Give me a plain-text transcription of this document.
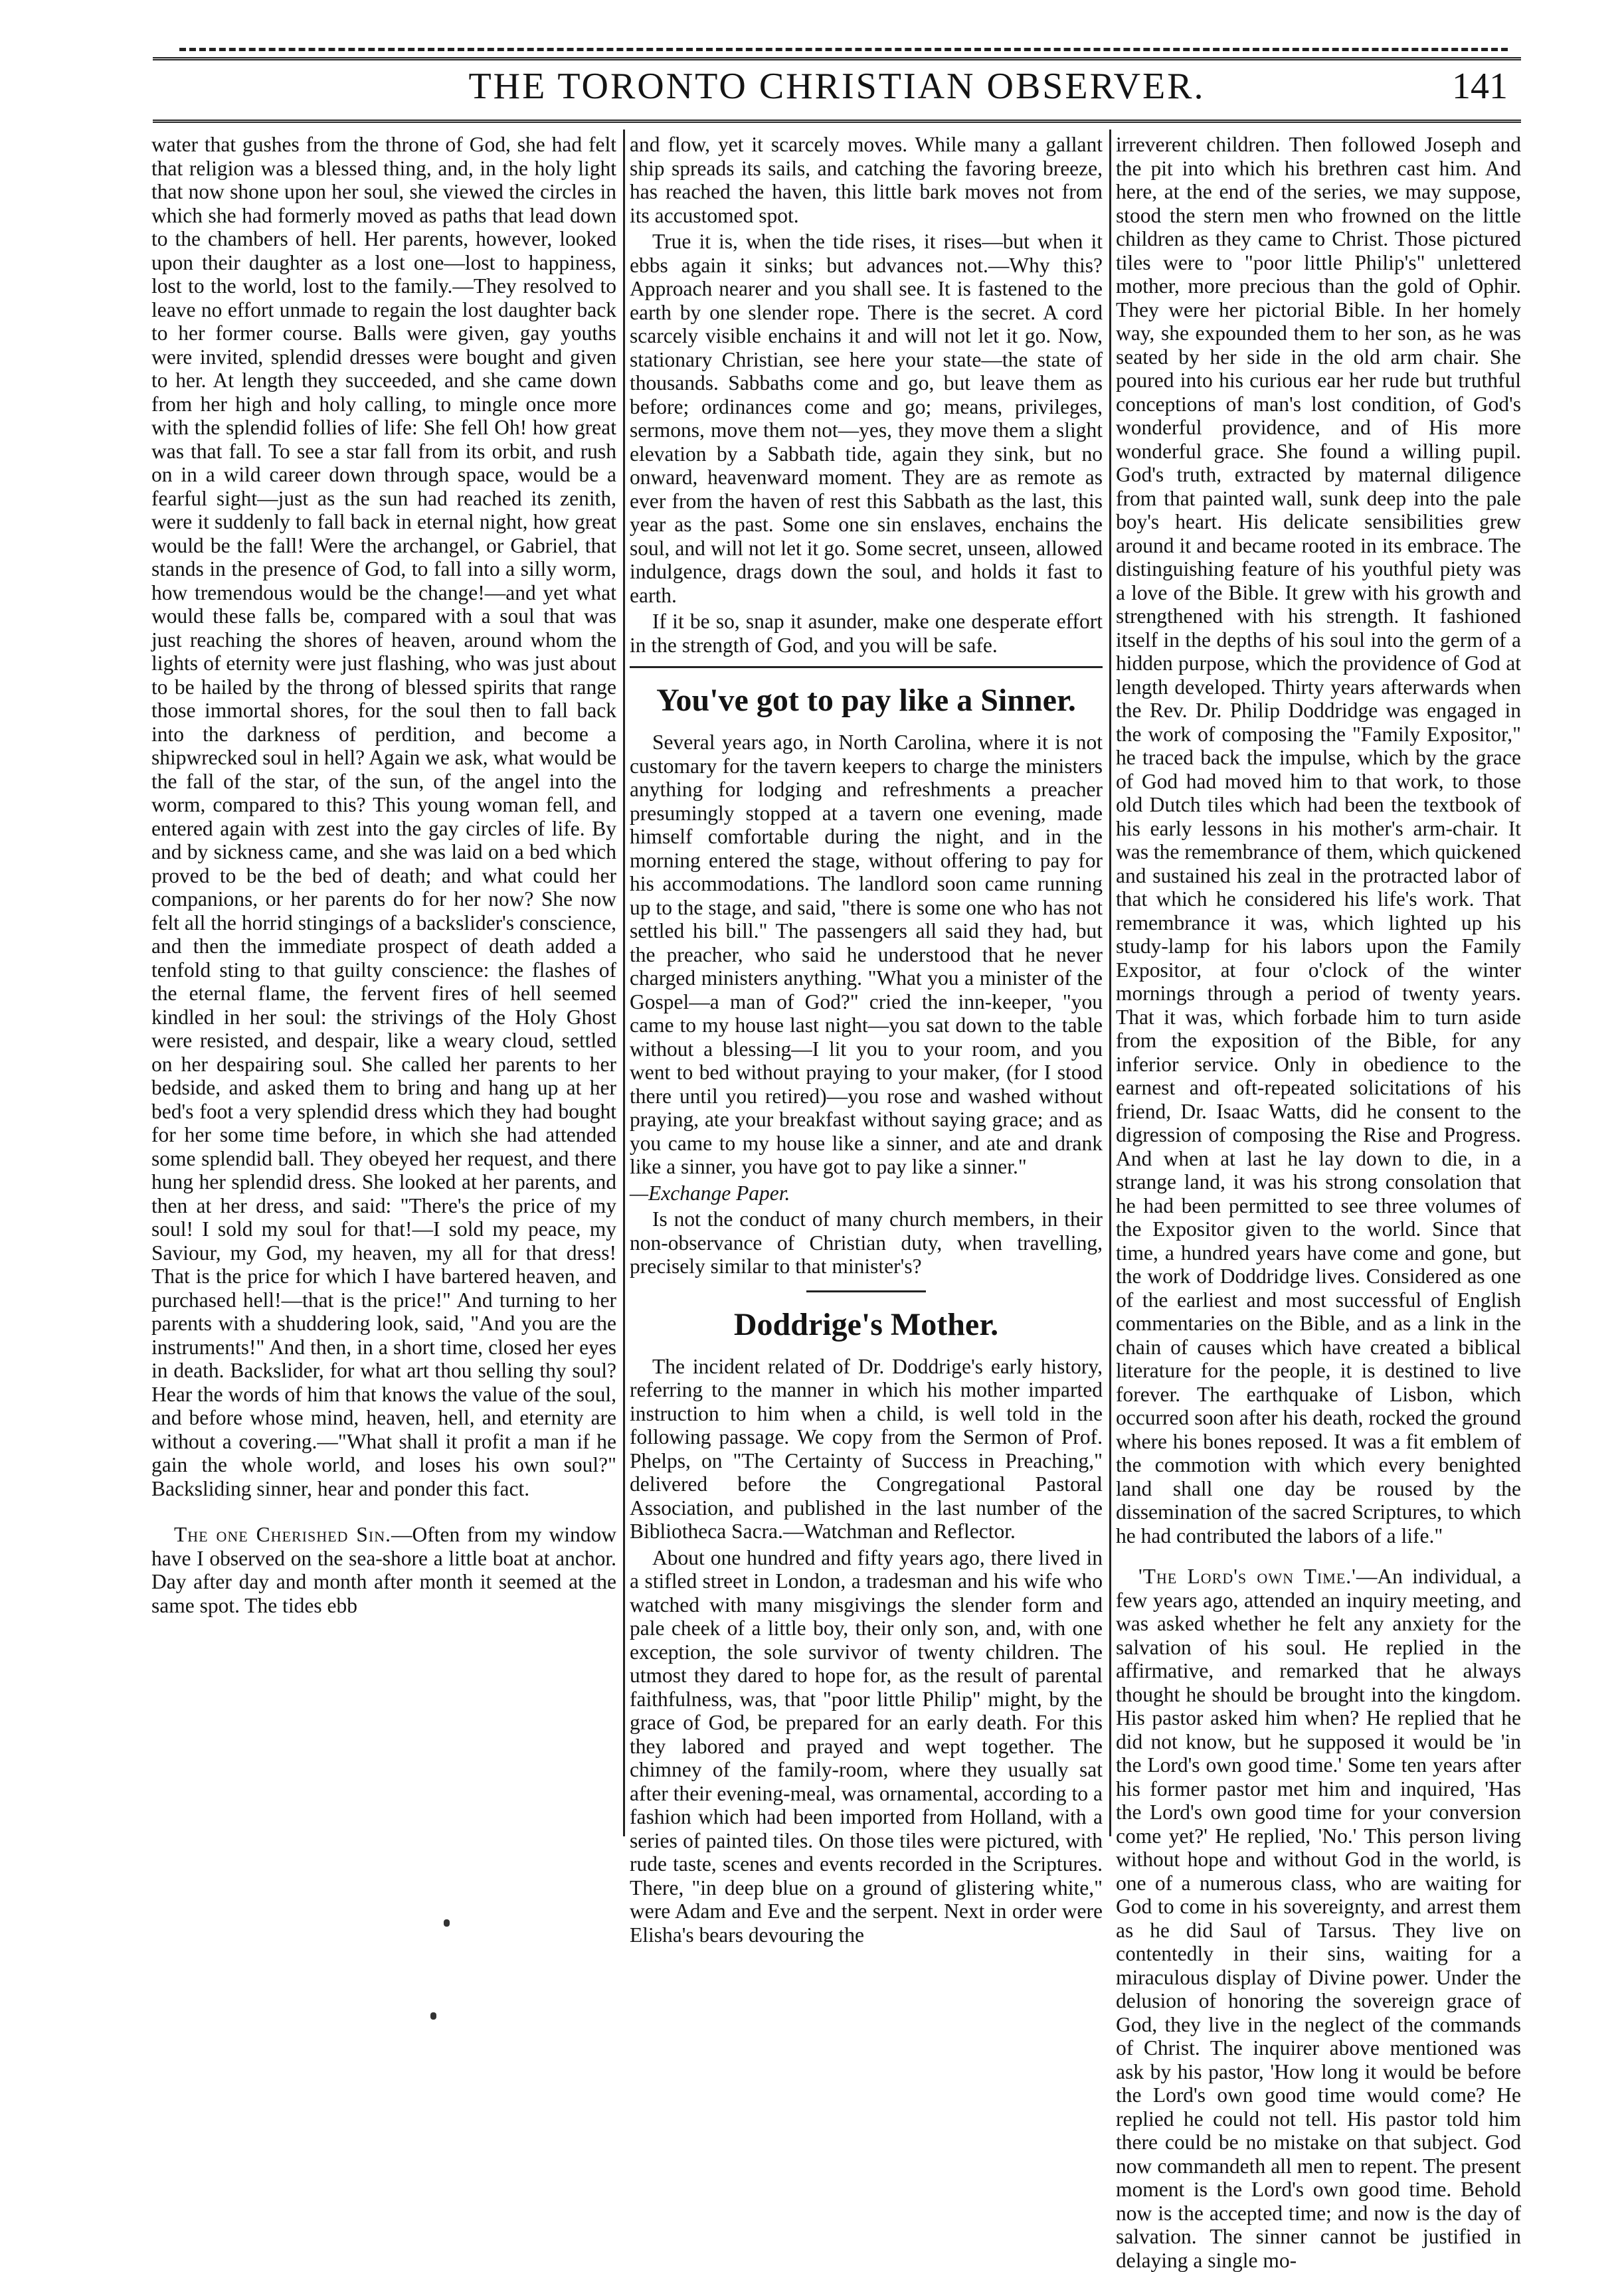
THE TORONTO CHRISTIAN OBSERVER.	141

water that gushes from the throne of God, she had felt that religion was a blessed thing, and, in the holy light that now shone upon her soul, she viewed the circles in which she had formerly moved as paths that lead down to the chambers of hell. Her parents, however, looked upon their daughter as a lost one—lost to happiness, lost to the world, lost to the family.—They resolved to leave no effort unmade to regain the lost daughter back to her former course. Balls were given, gay youths were invited, splendid dresses were bought and given to her. At length they succeeded, and she came down from her high and holy calling, to mingle once more with the splendid follies of life: She fell Oh! how great was that fall. To see a star fall from its orbit, and rush on in a wild career down through space, would be a fearful sight—just as the sun had reached its zenith, were it suddenly to fall back in eternal night, how great would be the fall! Were the archangel, or Gabriel, that stands in the presence of God, to fall into a silly worm, how tremendous would be the change!—and yet what would these falls be, compared with a soul that was just reaching the shores of heaven, around whom the lights of eternity were just flashing, who was just about to be hailed by the throng of blessed spirits that range those immortal shores, for the soul then to fall back into the darkness of perdition, and become a shipwrecked soul in hell? Again we ask, what would be the fall of the star, of the sun, of the angel into the worm, compared to this? This young woman fell, and entered again with zest into the gay circles of life. By and by sickness came, and she was laid on a bed which proved to be the bed of death; and what could her companions, or her parents do for her now? She now felt all the horrid stingings of a backslider's conscience, and then the immediate prospect of death added a tenfold sting to that guilty conscience: the flashes of the eternal flame, the fervent fires of hell seemed kindled in her soul: the strivings of the Holy Ghost were resisted, and despair, like a weary cloud, settled on her despairing soul. She called her parents to her bedside, and asked them to bring and hang up at her bed's foot a very splendid dress which they had bought for her some time before, in which she had attended some splendid ball. They obeyed her request, and there hung her splendid dress. She looked at her parents, and then at her dress, and said: "There's the price of my soul! I sold my soul for that!—I sold my peace, my Saviour, my God, my heaven, my all for that dress! That is the price for which I have bartered heaven, and purchased hell!—that is the price!" And turning to her parents with a shuddering look, said, "And you are the instruments!" And then, in a short time, closed her eyes in death. Backslider, for what art thou selling thy soul? Hear the words of him that knows the value of the soul, and before whose mind, heaven, hell, and eternity are without a covering.—"What shall it profit a man if he gain the whole world, and loses his own soul?" Backsliding sinner, hear and ponder this fact.

The one Cherished Sin.—Often from my window have I observed on the sea-shore a little boat at anchor. Day after day and month after month it seemed at the same spot. The tides ebb

and flow, yet it scarcely moves. While many a gallant ship spreads its sails, and catching the favoring breeze, has reached the haven, this little bark moves not from its accustomed spot.

True it is, when the tide rises, it rises—but when it ebbs again it sinks; but advances not.—Why this? Approach nearer and you shall see. It is fastened to the earth by one slender rope. There is the secret. A cord scarcely visible enchains it and will not let it go. Now, stationary Christian, see here your state—the state of thousands. Sabbaths come and go, but leave them as before; ordinances come and go; means, privileges, sermons, move them not—yes, they move them a slight elevation by a Sabbath tide, again they sink, but no onward, heavenward moment. They are as remote as ever from the haven of rest this Sabbath as the last, this year as the past. Some one sin enslaves, enchains the soul, and will not let it go. Some secret, unseen, allowed indulgence, drags down the soul, and holds it fast to earth.

If it be so, snap it asunder, make one desperate effort in the strength of God, and you will be safe.

You've got to pay like a Sinner.

Several years ago, in North Carolina, where it is not customary for the tavern keepers to charge the ministers anything for lodging and refreshments a preacher presumingly stopped at a tavern one evening, made himself comfortable during the night, and in the morning entered the stage, without offering to pay for his accommodations. The landlord soon came running up to the stage, and said, "there is some one who has not settled his bill." The passengers all said they had, but the preacher, who said he understood that he never charged ministers anything. "What you a minister of the Gospel—a man of God?" cried the inn-keeper, "you came to my house last night—you sat down to the table without a blessing—I lit you to your room, and you went to bed without praying to your maker, (for I stood there until you retired)—you rose and washed without praying, ate your breakfast without saying grace; and as you came to my house like a sinner, and ate and drank like a sinner, you have got to pay like a sinner."

—Exchange Paper.

Is not the conduct of many church members, in their non-observance of Christian duty, when travelling, precisely similar to that minister's?

Doddrige's Mother.

The incident related of Dr. Doddrige's early history, referring to the manner in which his mother imparted instruction to him when a child, is well told in the following passage. We copy from the Sermon of Prof. Phelps, on "The Certainty of Success in Preaching," delivered before the Congregational Pastoral Association, and published in the last number of the Bibliotheca Sacra.—Watchman and Reflector.

About one hundred and fifty years ago, there lived in a stifled street in London, a tradesman and his wife who watched with many misgivings the slender form and pale cheek of a little boy, their only son, and, with one exception, the sole survivor of twenty children. The utmost they dared to hope for, as the result of parental faithfulness, was, that "poor little Philip" might, by the grace of God, be prepared for an early death. For this they labored and prayed and wept together. The chimney of the family-room, where they usually sat after their evening-meal, was ornamental, according to a fashion which had been imported from Holland, with a series of painted tiles. On those tiles were pictured, with rude taste, scenes and events recorded in the Scriptures. There, "in deep blue on a ground of glistering white," were Adam and Eve and the serpent. Next in order were Elisha's bears devouring the

irreverent children. Then followed Joseph and the pit into which his brethren cast him. And here, at the end of the series, we may suppose, stood the stern men who frowned on the little children as they came to Christ. Those pictured tiles were to "poor little Philip's" unlettered mother, more precious than the gold of Ophir. They were her pictorial Bible. In her homely way, she expounded them to her son, as he was seated by her side in the old arm chair. She poured into his curious ear her rude but truthful conceptions of man's lost condition, of God's wonderful providence, and of His more wonderful grace. She found a willing pupil. God's truth, extracted by maternal diligence from that painted wall, sunk deep into the pale boy's heart. His delicate sensibilities grew around it and became rooted in its embrace. The distinguishing feature of his youthful piety was a love of the Bible. It grew with his growth and strengthened with his strength. It fashioned itself in the depths of his soul into the germ of a hidden purpose, which the providence of God at length developed. Thirty years afterwards when the Rev. Dr. Philip Doddridge was engaged in the work of composing the "Family Expositor," he traced back the impulse, which by the grace of God had moved him to that work, to those old Dutch tiles which had been the textbook of his early lessons in his mother's arm-chair. It was the remembrance of them, which quickened and sustained his zeal in the protracted labor of that which he considered his life's work. That remembrance it was, which lighted up his study-lamp for his labors upon the Family Expositor, at four o'clock of the winter mornings through a period of twenty years. That it was, which forbade him to turn aside from the exposition of the Bible, for any inferior service. Only in obedience to the earnest and oft-repeated solicitations of his friend, Dr. Isaac Watts, did he consent to the digression of composing the Rise and Progress. And when at last he lay down to die, in a strange land, it was his strong consolation that he had been permitted to see three volumes of the Expositor given to the world. Since that time, a hundred years have come and gone, but the work of Doddridge lives. Considered as one of the earliest and most successful of English commentaries on the Bible, and as a link in the chain of causes which have created a biblical literature for the people, it is destined to live forever. The earthquake of Lisbon, which occurred soon after his death, rocked the ground where his bones reposed. It was a fit emblem of the commotion with which every benighted land shall one day be roused by the dissemination of the sacred Scriptures, to which he had contributed the labors of a life."

'The Lord's own Time.'—An individual, a few years ago, attended an inquiry meeting, and was asked whether he felt any anxiety for the salvation of his soul. He replied in the affirmative, and remarked that he always thought he should be brought into the kingdom. His pastor asked him when? He replied that he did not know, but he supposed it would be 'in the Lord's own good time.' Some ten years after his former pastor met him and inquired, 'Has the Lord's own good time for your conversion come yet?' He replied, 'No.' This person living without hope and without God in the world, is one of a numerous class, who are waiting for God to come in his sovereignty, and arrest them as he did Saul of Tarsus. They live on contentedly in their sins, waiting for a miraculous display of Divine power. Under the delusion of honoring the sovereign grace of God, they live in the neglect of the commands of Christ. The inquirer above mentioned was ask by his pastor, 'How long it would be before the Lord's own good time would come? He replied he could not tell. His pastor told him there could be no mistake on that subject. God now commandeth all men to repent. The present moment is the Lord's own good time. Behold now is the accepted time; and now is the day of salvation. The sinner cannot be justified in delaying a single mo-
